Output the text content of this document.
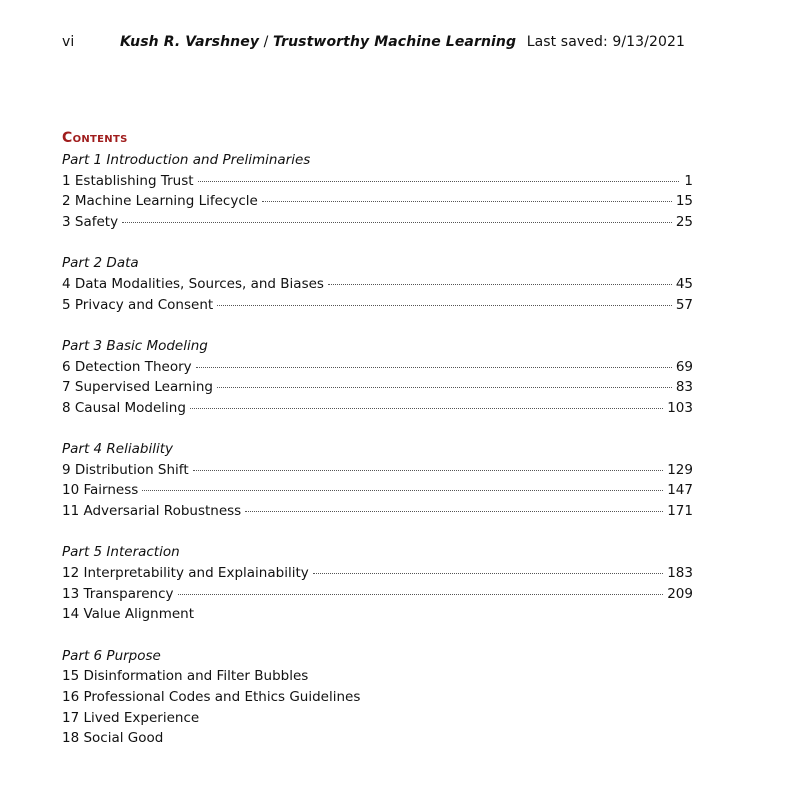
vi	Kush R. Varshney / Trustworthy Machine Learning Last saved: 9/13/2021
Contents
Part 1 Introduction and Preliminaries
1 Establishing Trust	1
2 Machine Learning Lifecycle	15
3 Safety	25
Part 2 Data
4 Data Modalities, Sources, and Biases	45
5 Privacy and Consent	57
Part 3 Basic Modeling
6 Detection Theory	69
7 Supervised Learning	83
8 Causal Modeling	103
Part 4 Reliability
9 Distribution Shift	129
10 Fairness	147
11 Adversarial Robustness	171
Part 5 Interaction
12 Interpretability and Explainability	183
13 Transparency	209
14 Value Alignment
Part 6 Purpose
15 Disinformation and Filter Bubbles
16 Professional Codes and Ethics Guidelines
17 Lived Experience
18 Social Good
